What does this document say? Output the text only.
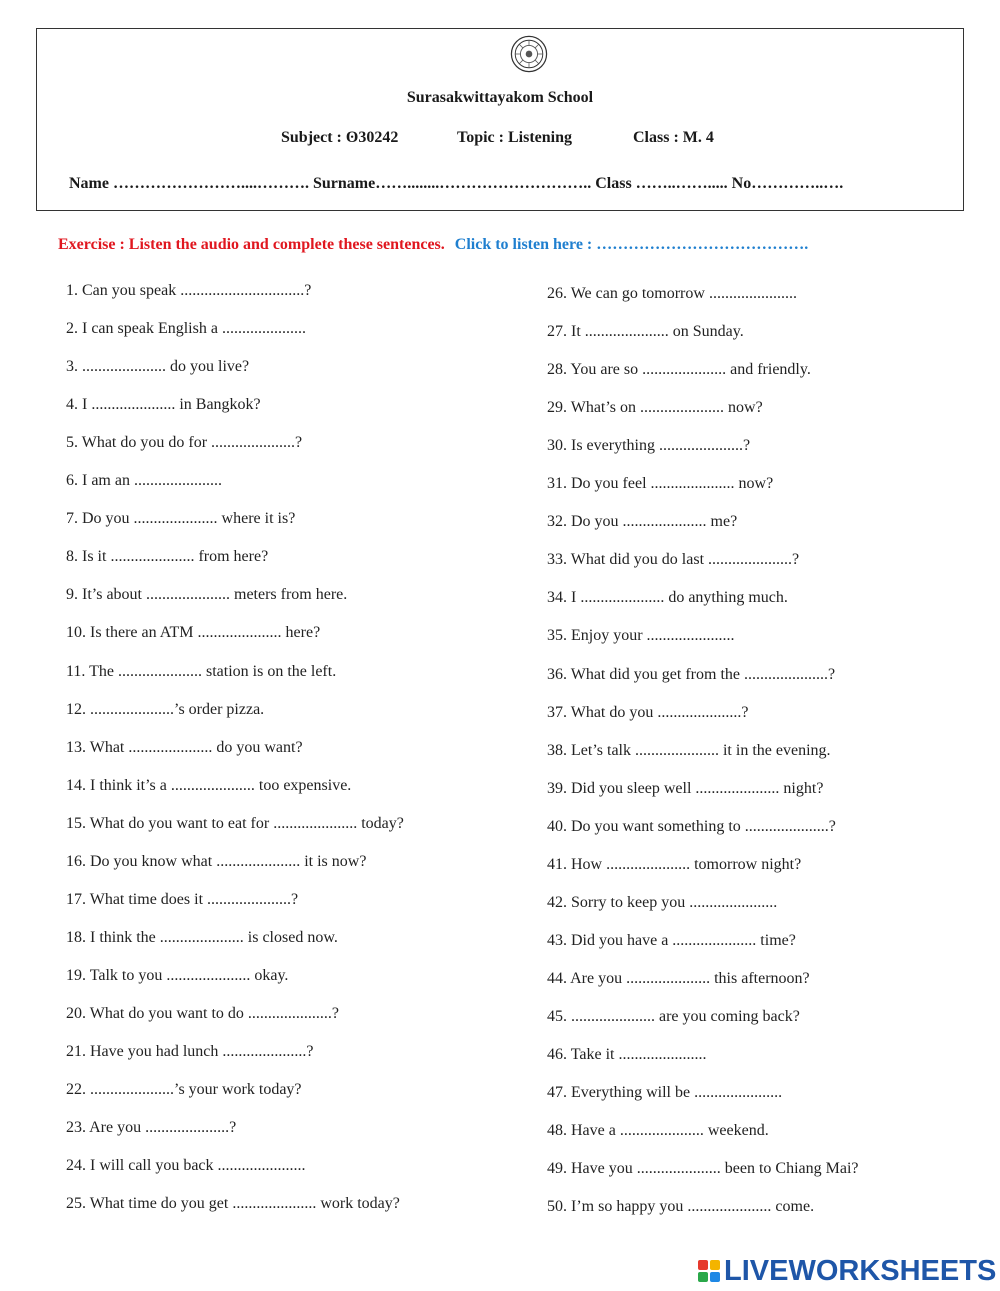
Surasakwittayakom School
Subject : ʘ30242	Topic : Listening	Class : M. 4
Name ……………………....………. Surname……........……………………….. Class ……..……..... No…………..….
Exercise : Listen the audio and complete these sentences. Click to listen here : ………………………………….
1. Can you speak ...............................?
2. I can speak English a .....................
3. ..................... do you live?
4. I ..................... in Bangkok?
5. What do you do for .....................?
6. I am an ......................
7. Do you ..................... where it is?
8. Is it ..................... from here?
9. It’s about ..................... meters from here.
10. Is there an ATM ..................... here?
11. The ..................... station is on the left.
12. .....................’s order pizza.
13. What ..................... do you want?
14. I think it’s a ..................... too expensive.
15. What do you want to eat for ..................... today?
16. Do you know what ..................... it is now?
17. What time does it .....................?
18. I think the ..................... is closed now.
19. Talk to you ..................... okay.
20. What do you want to do .....................?
21. Have you had lunch .....................?
22. .....................’s your work today?
23. Are you .....................?
24. I will call you back ......................
25. What time do you get ..................... work today?
26. We can go tomorrow ......................
27. It ..................... on Sunday.
28. You are so ..................... and friendly.
29. What’s on ..................... now?
30. Is everything .....................?
31. Do you feel ..................... now?
32. Do you ..................... me?
33. What did you do last .....................?
34. I ..................... do anything much.
35. Enjoy your ......................
36. What did you get from the .....................?
37. What do you .....................?
38. Let’s talk ..................... it in the evening.
39. Did you sleep well ..................... night?
40. Do you want something to .....................?
41. How ..................... tomorrow night?
42. Sorry to keep you ......................
43. Did you have a ..................... time?
44. Are you ..................... this afternoon?
45. ..................... are you coming back?
46. Take it ......................
47. Everything will be ......................
48. Have a ..................... weekend.
49. Have you ..................... been to Chiang Mai?
50. I’m so happy you ..................... come.
LIVEWORKSHEETS
